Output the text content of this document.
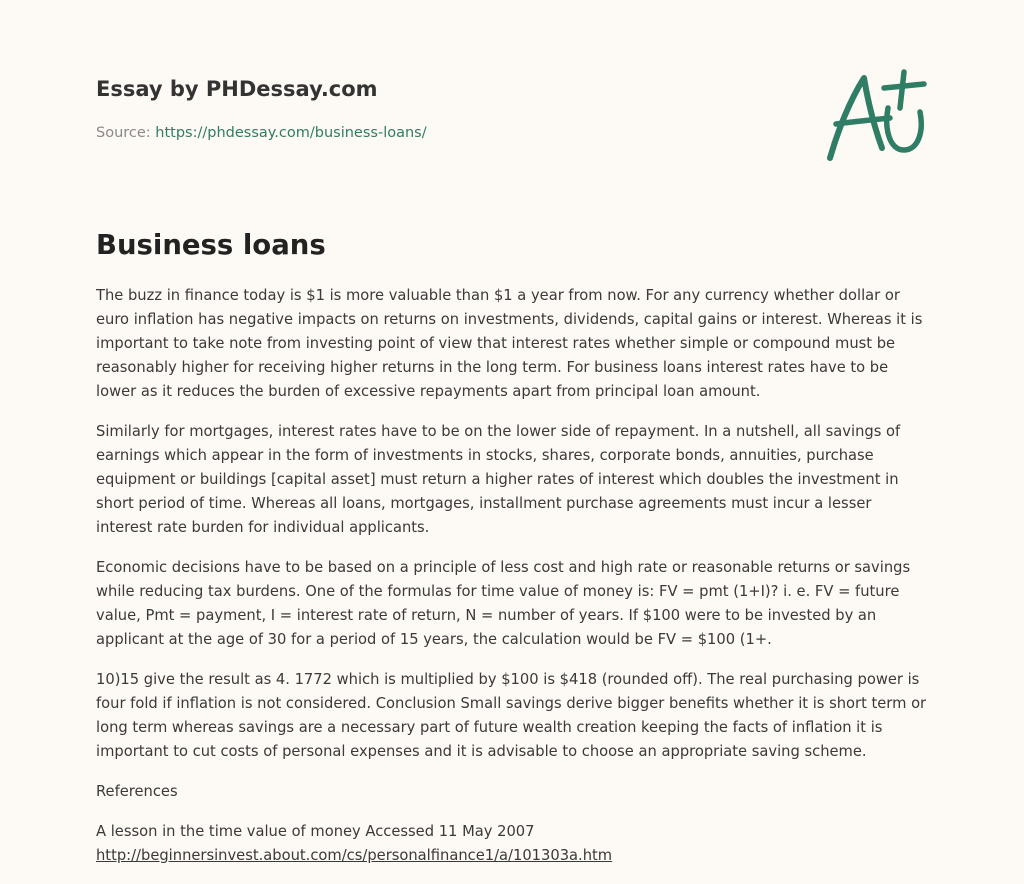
Essay by PHDessay.com
Source: https://phdessay.com/business-loans/
Business loans

The buzz in finance today is $1 is more valuable than $1 a year from now. For any currency whether dollar or euro inflation has negative impacts on returns on investments, dividends, capital gains or interest. Whereas it is important to take note from investing point of view that interest rates whether simple or compound must be reasonably higher for receiving higher returns in the long term. For business loans interest rates have to be lower as it reduces the burden of excessive repayments apart from principal loan amount.

Similarly for mortgages, interest rates have to be on the lower side of repayment. In a nutshell, all savings of earnings which appear in the form of investments in stocks, shares, corporate bonds, annuities, purchase equipment or buildings [capital asset] must return a higher rates of interest which doubles the investment in short period of time. Whereas all loans, mortgages, installment purchase agreements must incur a lesser interest rate burden for individual applicants.

Economic decisions have to be based on a principle of less cost and high rate or reasonable returns or savings while reducing tax burdens. One of the formulas for time value of money is: FV = pmt (1+I)? i. e. FV = future value, Pmt = payment, I = interest rate of return, N = number of years. If $100 were to be invested by an applicant at the age of 30 for a period of 15 years, the calculation would be FV = $100 (1+.

10)15 give the result as 4. 1772 which is multiplied by $100 is $418 (rounded off). The real purchasing power is four fold if inflation is not considered. Conclusion Small savings derive bigger benefits whether it is short term or long term whereas savings are a necessary part of future wealth creation keeping the facts of inflation it is important to cut costs of personal expenses and it is advisable to choose an appropriate saving scheme.

References

A lesson in the time value of money Accessed 11 May 2007 http://beginnersinvest.about.com/cs/personalfinance1/a/101303a.htm
